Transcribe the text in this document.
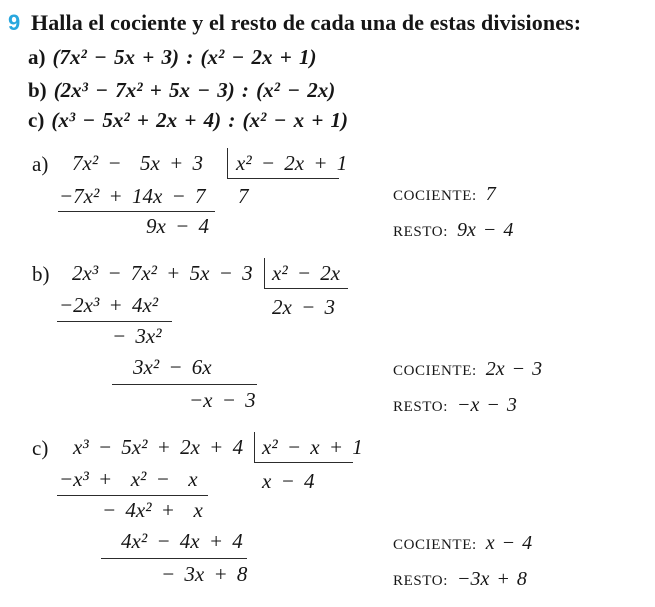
9 Halla el cociente y el resto de cada una de estas divisiones:
a) (7x² − 5x + 3) : (x² − 2x + 1)
b) (2x³ − 7x² + 5x − 3) : (x² − 2x)
c) (x³ − 5x² + 2x + 4) : (x² − x + 1)
a) 7x² −  5x + 3 x² − 2x + 1
7
−7x² + 14x − 7
9x − 4
COCIENTE: 7
RESTO: 9x − 4
b) 2x³ − 7x² + 5x − 3 x² − 2x
2x − 3
−2x³ + 4x²
− 3x²
3x² − 6x
−x − 3
COCIENTE: 2x − 3
RESTO: −x − 3
c) x³ − 5x² + 2x + 4 x² − x + 1
x − 4
−x³ +  x² −  x
− 4x² +  x
4x² − 4x + 4
− 3x + 8
COCIENTE: x − 4
RESTO: −3x + 8
